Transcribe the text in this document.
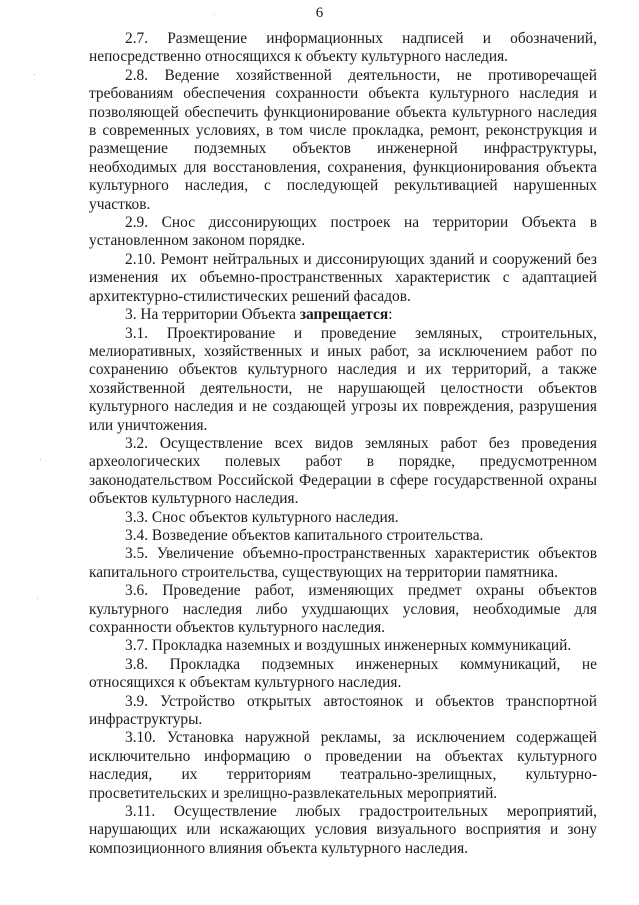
6

2.7. Размещение информационных надписей и обозначений, непосредственно относящихся к объекту культурного наследия.

2.8. Ведение хозяйственной деятельности, не противоречащей требованиям обеспечения сохранности объекта культурного наследия и позволяющей обеспечить функционирование объекта культурного наследия в современных условиях, в том числе прокладка, ремонт, реконструкция и размещение подземных объектов инженерной инфраструктуры, необходимых для восстановления, сохранения, функционирования объекта культурного наследия, с последующей рекультивацией нарушенных участков.

2.9. Снос диссонирующих построек на территории Объекта в установленном законом порядке.

2.10. Ремонт нейтральных и диссонирующих зданий и сооружений без изменения их объемно-пространственных характеристик с адаптацией архитектурно-стилистических решений фасадов.

3. На территории Объекта запрещается:

3.1. Проектирование и проведение земляных, строительных, мелиоративных, хозяйственных и иных работ, за исключением работ по сохранению объектов культурного наследия и их территорий, а также хозяйственной деятельности, не нарушающей целостности объектов культурного наследия и не создающей угрозы их повреждения, разрушения или уничтожения.

3.2. Осуществление всех видов земляных работ без проведения археологических полевых работ в порядке, предусмотренном законодательством Российской Федерации в сфере государственной охраны объектов культурного наследия.

3.3. Снос объектов культурного наследия.

3.4. Возведение объектов капитального строительства.

3.5. Увеличение объемно-пространственных характеристик объектов капитального строительства, существующих на территории памятника.

3.6. Проведение работ, изменяющих предмет охраны объектов культурного наследия либо ухудшающих условия, необходимые для сохранности объектов культурного наследия.

3.7. Прокладка наземных и воздушных инженерных коммуникаций.

3.8. Прокладка подземных инженерных коммуникаций, не относящихся к объектам культурного наследия.

3.9. Устройство открытых автостоянок и объектов транспортной инфраструктуры.

3.10. Установка наружной рекламы, за исключением содержащей исключительно информацию о проведении на объектах культурного наследия, их территориям театрально-зрелищных, культурно-просветительских и зрелищно-развлекательных мероприятий.

3.11. Осуществление любых градостроительных мероприятий, нарушающих или искажающих условия визуального восприятия и зону композиционного влияния объекта культурного наследия.
